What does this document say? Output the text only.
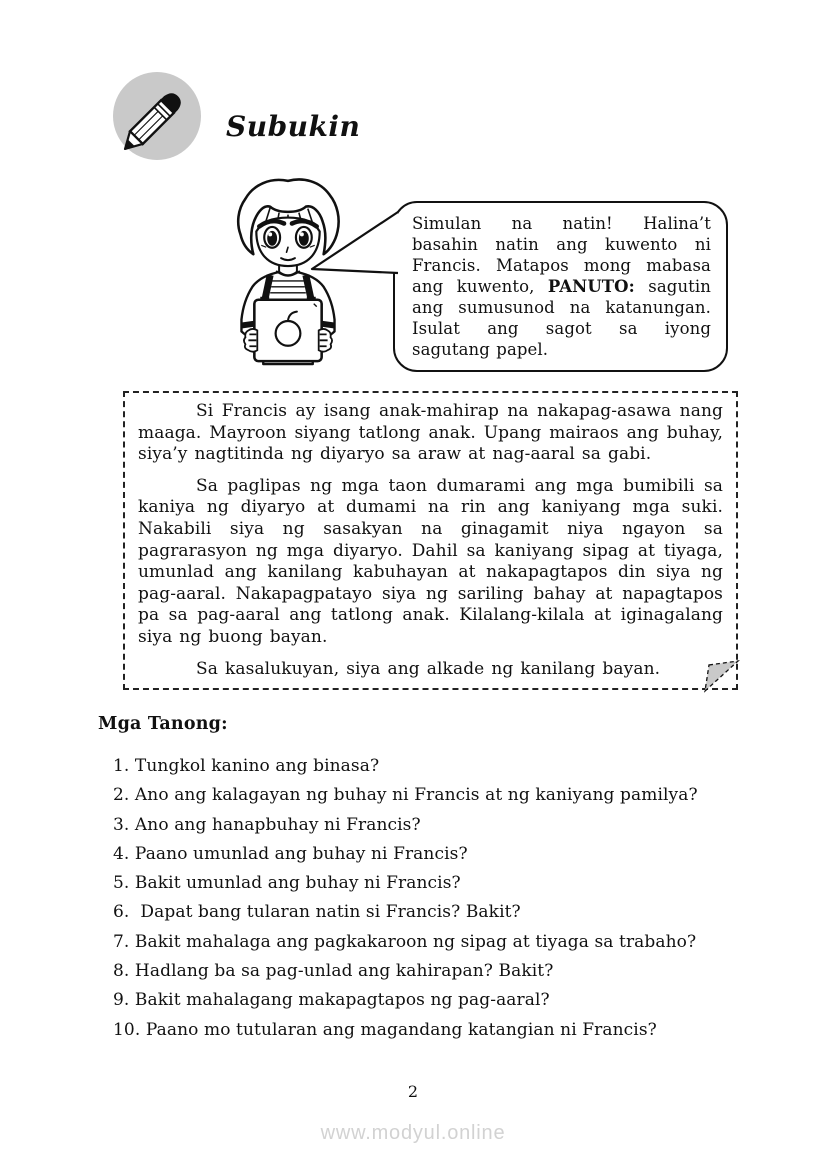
Subukin
Simulan na natin! Halina’t basahin natin ang kuwento ni Francis. Matapos mong mabasa ang kuwento, PANUTO: sagutin ang sumusunod na katanungan. Isulat ang sagot sa iyong sagutang papel.

Si Francis ay isang anak-mahirap na nakapag-asawa nang maaga. Mayroon siyang tatlong anak. Upang mairaos ang buhay, siya’y nagtitinda ng diyaryo sa araw at nag-aaral sa gabi.

Sa paglipas ng mga taon dumarami ang mga bumibili sa kaniya ng diyaryo at dumami na rin ang kaniyang mga suki. Nakabili siya ng sasakyan na ginagamit niya ngayon sa pagrarasyon ng mga diyaryo. Dahil sa kaniyang sipag at tiyaga, umunlad ang kanilang kabuhayan at nakapagtapos din siya ng pag-aaral. Nakapagpatayo siya ng sariling bahay at napagtapos pa sa pag-aaral ang tatlong anak. Kilalang-kilala at iginagalang siya ng buong bayan.

Sa kasalukuyan, siya ang alkade ng kanilang bayan.

Mga Tanong:
1. Tungkol kanino ang binasa?
2. Ano ang kalagayan ng buhay ni Francis at ng kaniyang pamilya?
3. Ano ang hanapbuhay ni Francis?
4. Paano umunlad ang buhay ni Francis?
5. Bakit umunlad ang buhay ni Francis?
6.  Dapat bang tularan natin si Francis? Bakit?
7. Bakit mahalaga ang pagkakaroon ng sipag at tiyaga sa trabaho?
8. Hadlang ba sa pag-unlad ang kahirapan? Bakit?
9. Bakit mahalagang makapagtapos ng pag-aaral?
10. Paano mo tutularan ang magandang katangian ni Francis?
2
www.modyul.online
